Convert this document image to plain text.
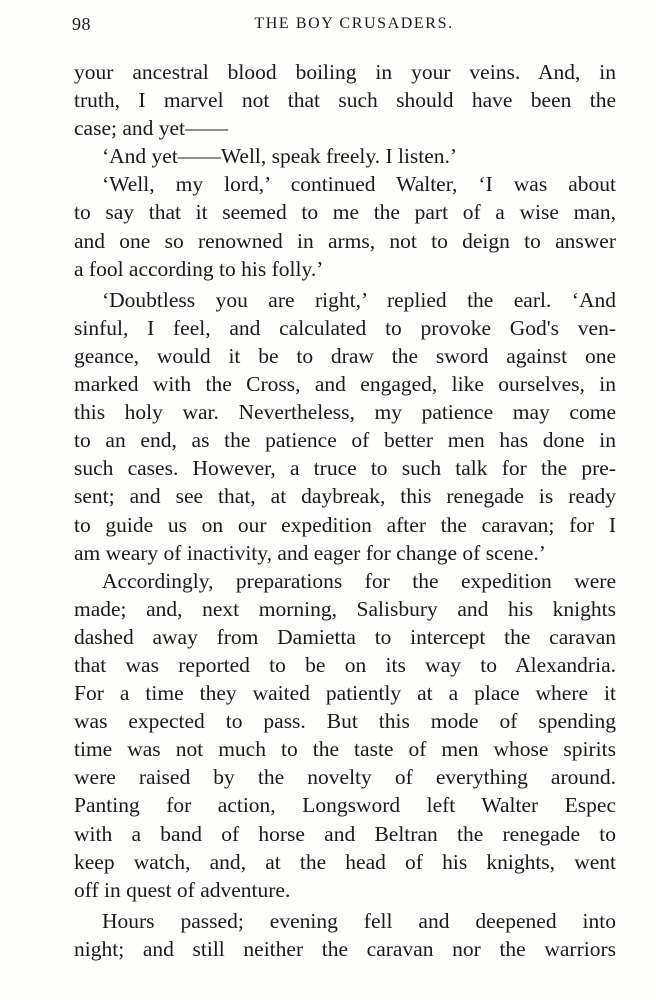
98	THE BOY CRUSADERS.
your ancestral blood boiling in your veins. And, in
truth, I marvel not that such should have been the
case; and yet——
‘And yet——Well, speak freely. I listen.’
‘Well, my lord,’ continued Walter, ‘I was about
to say that it seemed to me the part of a wise man,
and one so renowned in arms, not to deign to answer
a fool according to his folly.’
‘Doubtless you are right,’ replied the earl. ‘And
sinful, I feel, and calculated to provoke God's ven-
geance, would it be to draw the sword against one
marked with the Cross, and engaged, like ourselves, in
this holy war. Nevertheless, my patience may come
to an end, as the patience of better men has done in
such cases. However, a truce to such talk for the pre-
sent; and see that, at daybreak, this renegade is ready
to guide us on our expedition after the caravan; for I
am weary of inactivity, and eager for change of scene.’
Accordingly, preparations for the expedition were
made; and, next morning, Salisbury and his knights
dashed away from Damietta to intercept the caravan
that was reported to be on its way to Alexandria.
For a time they waited patiently at a place where it
was expected to pass. But this mode of spending
time was not much to the taste of men whose spirits
were raised by the novelty of everything around.
Panting for action, Longsword left Walter Espec
with a band of horse and Beltran the renegade to
keep watch, and, at the head of his knights, went
off in quest of adventure.
Hours passed; evening fell and deepened into
night; and still neither the caravan nor the warriors
